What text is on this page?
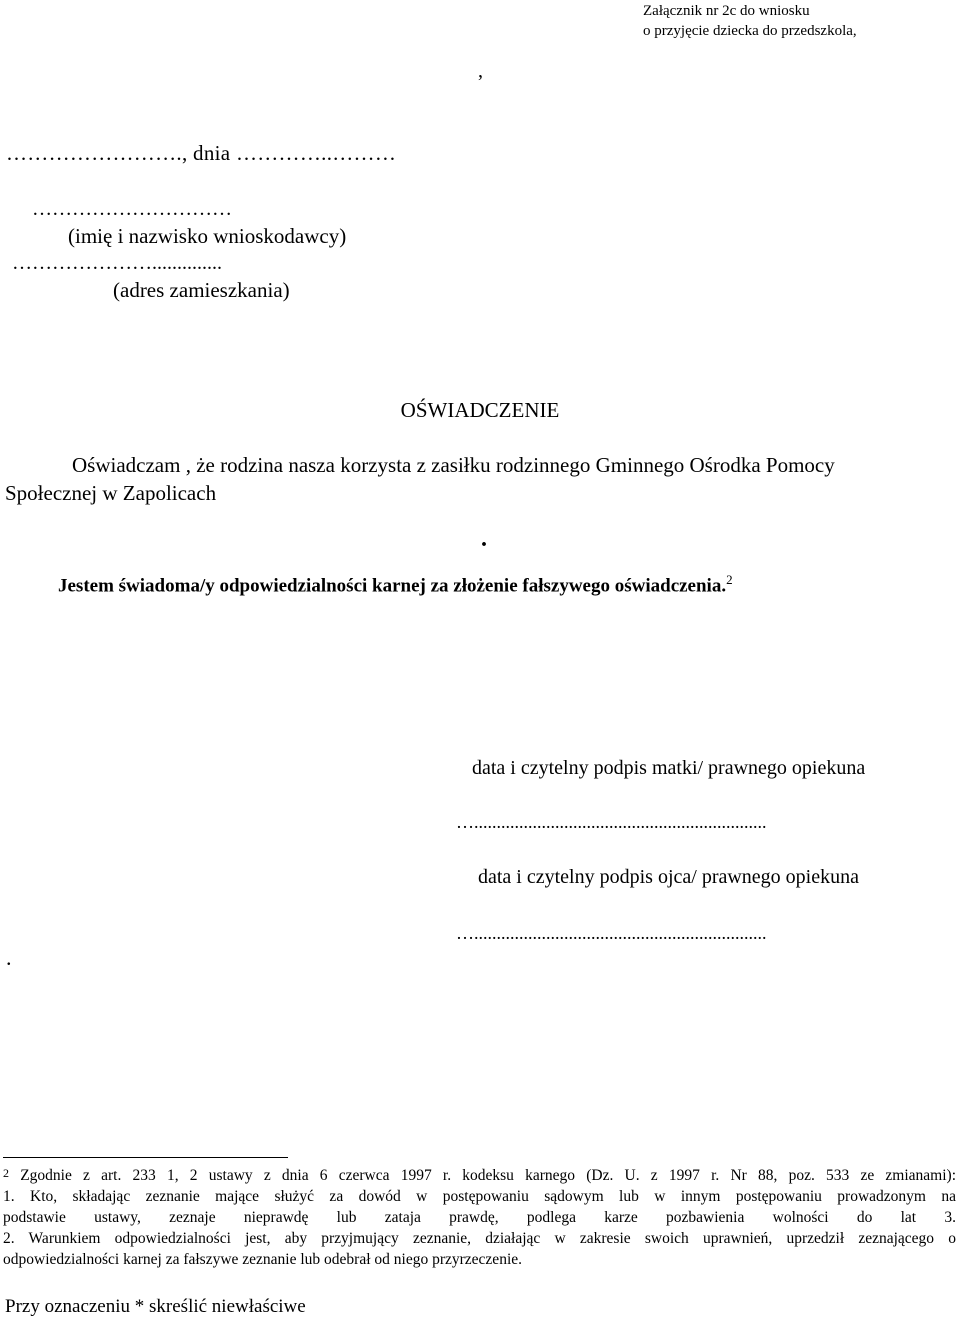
Załącznik nr 2c do wniosku
o przyjęcie dziecka do przedszkola,
,
……………………., dnia …………..………
…………………………
(imię i nazwisko wnioskodawcy)
…………………..............
(adres zamieszkania)
OŚWIADCZENIE
Oświadczam , że rodzina nasza korzysta z zasiłku rodzinnego Gminnego Ośrodka Pomocy
Społecznej w Zapolicach
.
Jestem świadoma/y odpowiedzialności karnej za złożenie fałszywego oświadczenia.$^2$
data i czytelny podpis matki/ prawnego opiekuna
….................................................................
data i czytelny podpis ojca/ prawnego opiekuna
….................................................................
.
$^2$ Zgodnie z art. 233 1, 2 ustawy z dnia 6 czerwca 1997 r. kodeksu karnego (Dz. U. z 1997 r. Nr 88, poz. 533 ze zmianami):
1. Kto, składając zeznanie mające służyć za dowód w postępowaniu sądowym lub w innym postępowaniu prowadzonym na
podstawie ustawy, zeznaje nieprawdę lub zataja prawdę, podlega karze pozbawienia wolności do lat 3.
2. Warunkiem odpowiedzialności jest, aby przyjmujący zeznanie, działając w zakresie swoich uprawnień, uprzedził zeznającego o
odpowiedzialności karnej za fałszywe zeznanie lub odebrał od niego przyrzeczenie.
Przy oznaczeniu * skreślić niewłaściwe
